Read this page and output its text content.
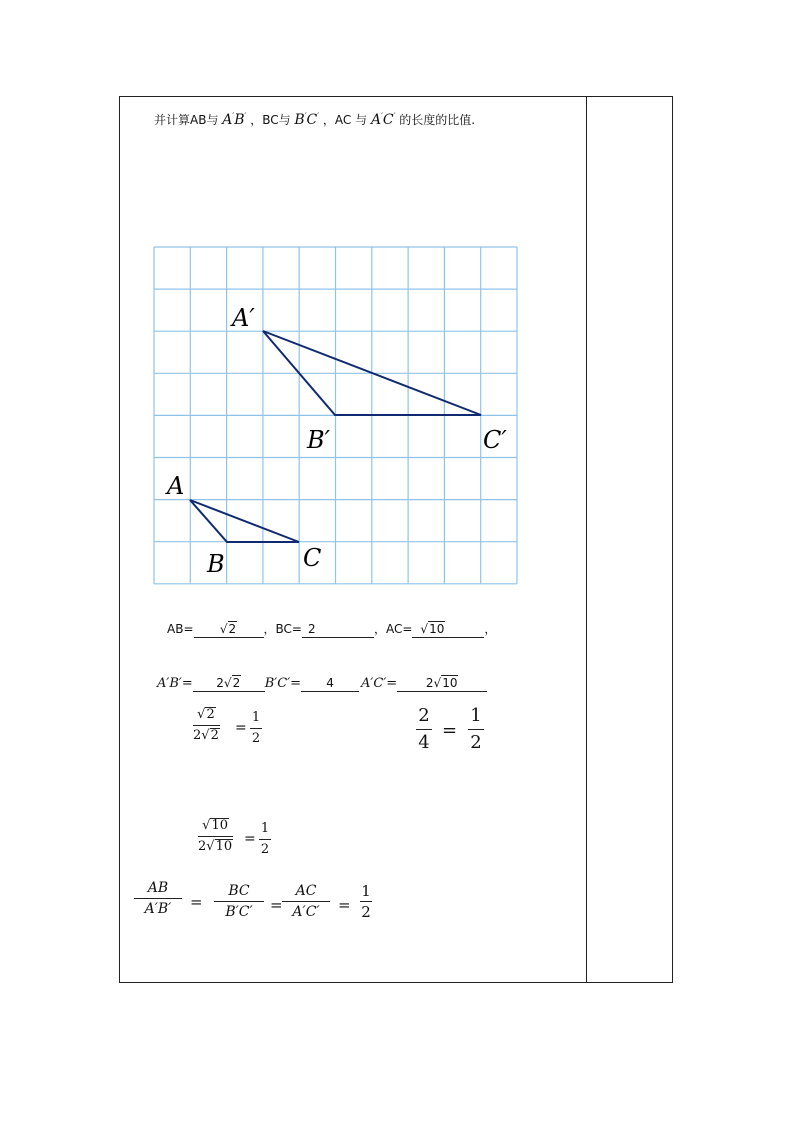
并计算AB与 A′B′ ，BC与 B′C′ ，AC 与 A′C′ 的长度的比值.
A′
B′	C′
A
B	C
AB= √2 ，BC= 2	，AC= √10	，
A′B′= 2√2 B′C′= 4 A′C′= 2√10
√2
2√2 =
1
2
2
4
=
1
2
√10
2√10 =
1
2
AB
A′B′	=
BC
B′C′	=
AC
A′C′	=
1
2
